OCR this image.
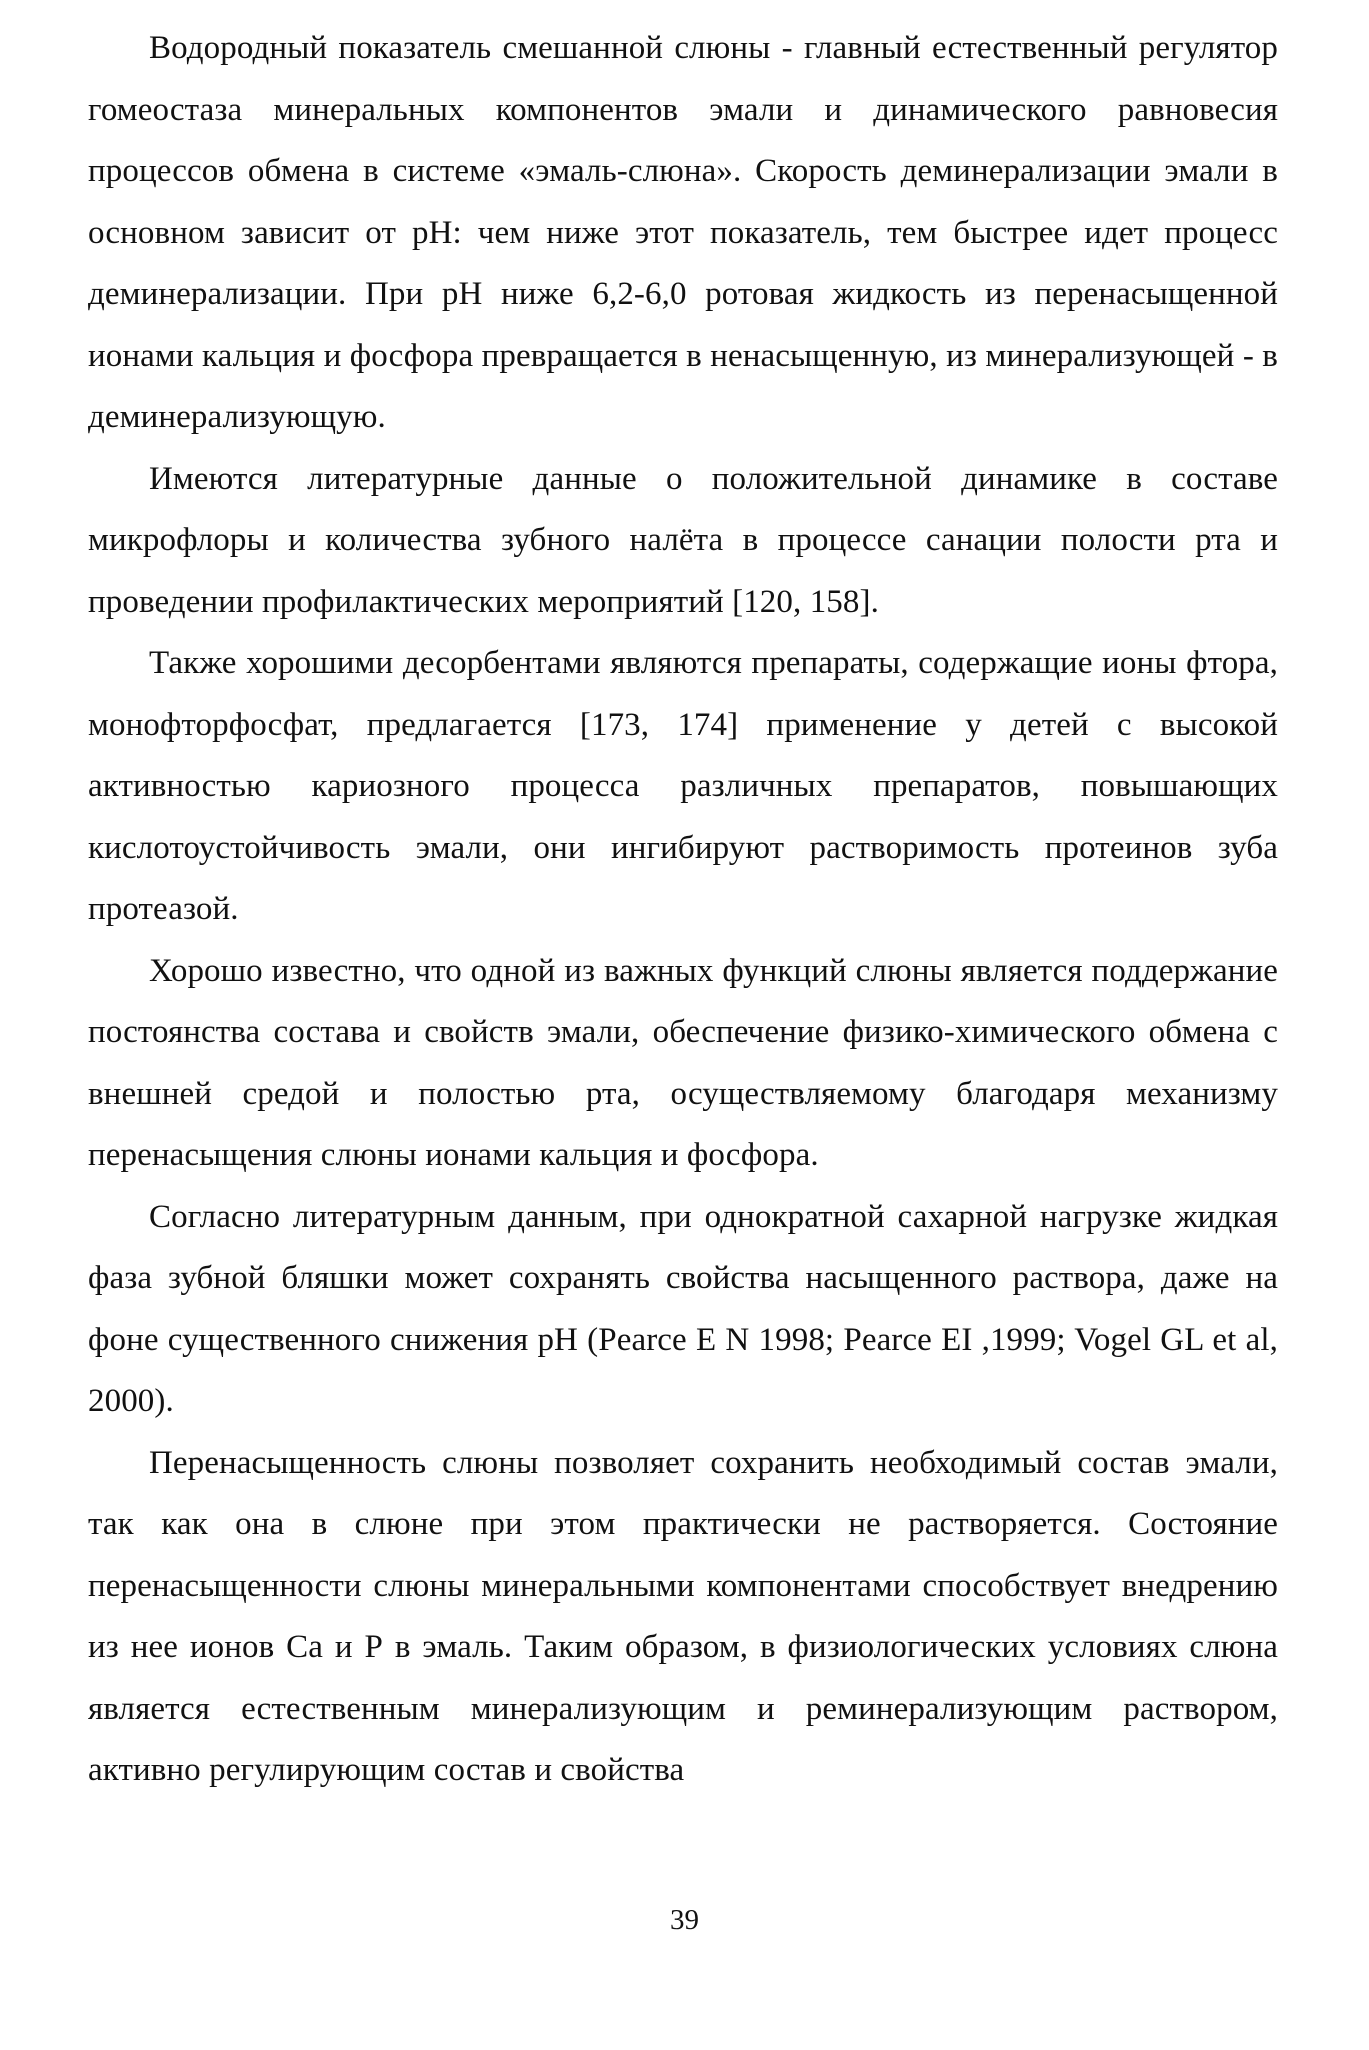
Водородный показатель смешанной слюны - главный естественный регулятор гомеостаза минеральных компонентов эмали и динамического равновесия процессов обмена в системе «эмаль-слюна». Скорость деминерализации эмали в основном зависит от pH: чем ниже этот показатель, тем быстрее идет процесс деминерализации. При pH ниже 6,2-6,0 ротовая жидкость из перенасыщенной ионами кальция и фосфора превращается в ненасыщенную, из минерализующей - в деминерализующую.

Имеются литературные данные о положительной динамике в составе микрофлоры и количества зубного налёта в процессе санации полости рта и проведении профилактических мероприятий [120, 158].

Также хорошими десорбентами являются препараты, содержащие ионы фтора, монофторфосфат, предлагается [173, 174] применение у детей с высокой активностью кариозного процесса различных препаратов, повышающих кислотоустойчивость эмали, они ингибируют растворимость протеинов зуба протеазой.

Хорошо известно, что одной из важных функций слюны является поддержание постоянства состава и свойств эмали, обеспечение физико-химического обмена с внешней средой и полостью рта, осуществляемому благодаря механизму перенасыщения слюны ионами кальция и фосфора.

Согласно литературным данным, при однократной сахарной нагрузке жидкая фаза зубной бляшки может сохранять свойства насыщенного раствора, даже на фоне существенного снижения pH (Pearce E N 1998; Pearce EI ,1999; Vogel GL et al, 2000).

Перенасыщенность слюны позволяет сохранить необходимый состав эмали, так как она в слюне при этом практически не растворяется. Состояние перенасыщенности слюны минеральными компонентами способствует внедрению из нее ионов Са и Р в эмаль. Таким образом, в физиологических условиях слюна является естественным минерализующим и реминерализующим раствором, активно регулирующим состав и свойства

39
